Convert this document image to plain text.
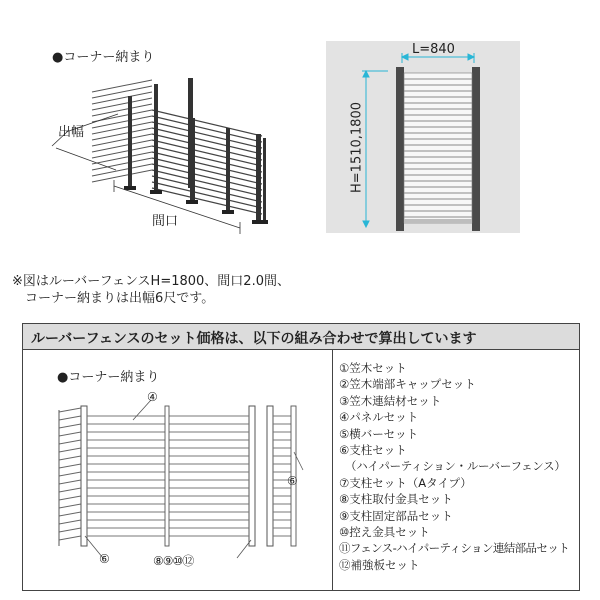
●コーナー納まり
出幅
間口
L=840
H=1510,1800
※図はルーバーフェンスH=1800、間口2.0間、
　コーナー納まりは出幅6尺です。
ルーバーフェンスのセット価格は、以下の組み合わせで算出しています
●コーナー納まり
④
⑥
⑥	⑧⑨⑩⑫
①笠木セット
②笠木端部キャップセット
③笠木連結材セット
④パネルセット
⑤横バーセット
⑥支柱セット
（ハイパーティション・ルーバーフェンス）
⑦支柱セット（Aタイプ）
⑧支柱取付金具セット
⑨支柱固定部品セット
⑩控え金具セット
⑪フェンス-ハイパーティション連結部品セット
⑫補強板セット
